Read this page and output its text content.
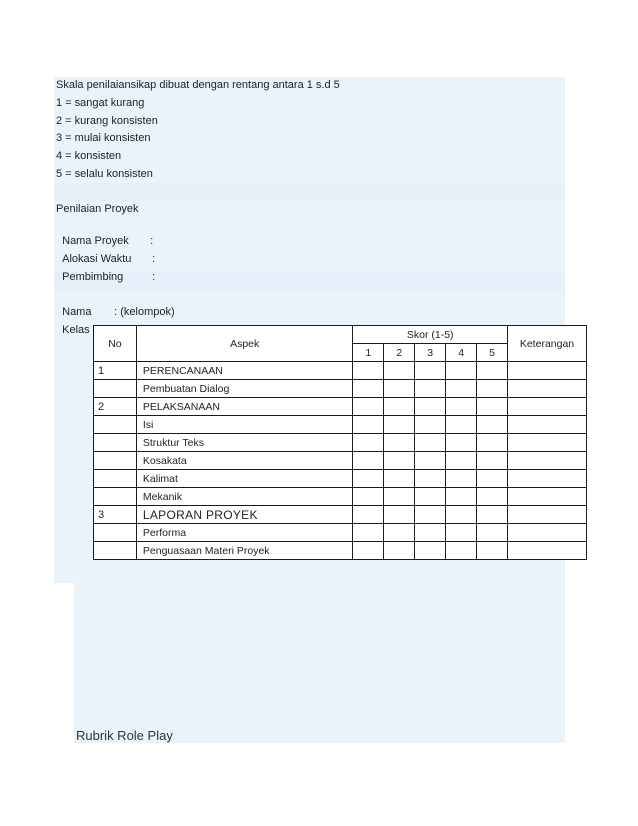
Skala penilaiansikap dibuat dengan rentang antara 1 s.d 5
1 = sangat kurang
2 = kurang konsisten
3 = mulai konsisten
4 = konsisten
5 = selalu konsisten
Penilaian Proyek

Nama Proyek :

Alokasi Waktu :

Pembimbing	:

Nama : (kelompok)

Kelas

No	Aspek	Skor (1-5)					Keterangan
		1	2	3	4	5	
1	PERENCANAAN						
	Pembuatan Dialog						
2	PELAKSANAAN						
	Isi						
	Struktur Teks						
	Kosakata						
	Kalimat						
	Mekanik						
3	LAPORAN PROYEK						
	Performa						
	Penguasaan Materi Proyek						
Rubrik Role Play
